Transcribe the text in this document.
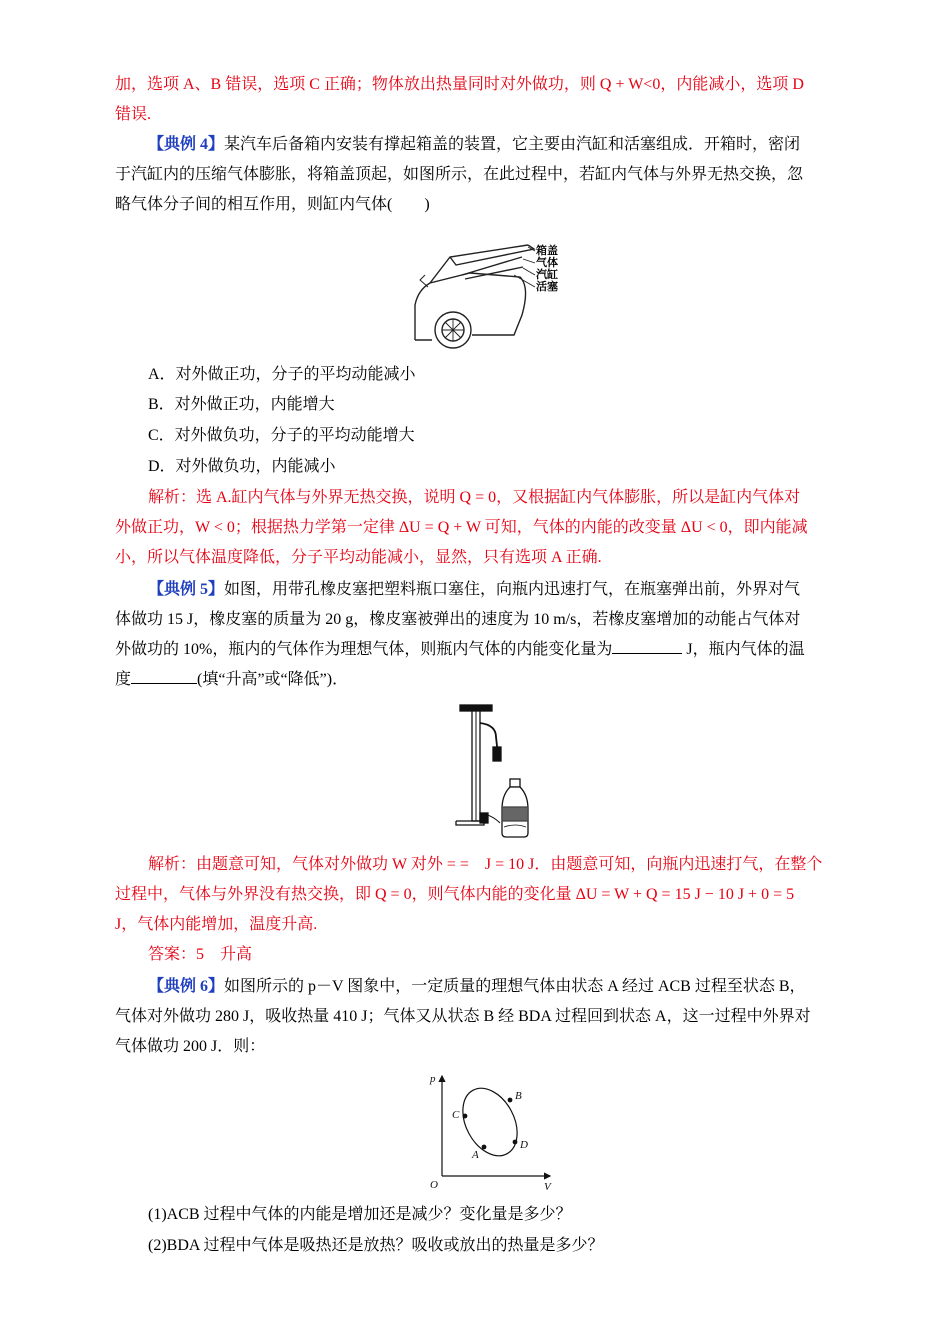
加，选项 A、B 错误，选项 C 正确；物体放出热量同时对外做功，则 Q + W<0，内能减小，选项 D
错误.
【典例 4】某汽车后备箱内安装有撑起箱盖的装置，它主要由汽缸和活塞组成．开箱时，密闭
于汽缸内的压缩气体膨胀，将箱盖顶起，如图所示，在此过程中，若缸内气体与外界无热交换，忽
略气体分子间的相互作用，则缸内气体(　　)
箱盖
气体
汽缸
活塞
A．对外做正功，分子的平均动能减小
B．对外做正功，内能增大
C．对外做负功，分子的平均动能增大
D．对外做负功，内能减小
解析：选 A.缸内气体与外界无热交换，说明 Q = 0，又根据缸内气体膨胀，所以是缸内气体对
外做正功，W < 0；根据热力学第一定律 ΔU = Q + W 可知，气体的内能的改变量 ΔU < 0，即内能减
小，所以气体温度降低，分子平均动能减小，显然，只有选项 A 正确.
【典例 5】如图，用带孔橡皮塞把塑料瓶口塞住，向瓶内迅速打气，在瓶塞弹出前，外界对气
体做功 15 J，橡皮塞的质量为 20 g，橡皮塞被弹出的速度为 10 m/s，若橡皮塞增加的动能占气体对
外做功的 10%，瓶内的气体作为理想气体，则瓶内气体的内能变化量为	J，瓶内气体的温
度	(填“升高”或“降低”)．
解析：由题意可知，气体对外做功 W 对外 = =　J = 10 J．由题意可知，向瓶内迅速打气，在整个
过程中，气体与外界没有热交换，即 Q = 0，则气体内能的变化量 ΔU = W + Q = 15 J − 10 J + 0 = 5
J，气体内能增加，温度升高.
答案：5　升高
【典例 6】如图所示的 p－V 图象中，一定质量的理想气体由状态 A 经过 ACB 过程至状态 B，
气体对外做功 280 J，吸收热量 410 J；气体又从状态 B 经 BDA 过程回到状态 A，这一过程中外界对
气体做功 200 J．则：
p
V
O
B
C
D
A
(1)ACB 过程中气体的内能是增加还是减少？变化量是多少？
(2)BDA 过程中气体是吸热还是放热？吸收或放出的热量是多少？
